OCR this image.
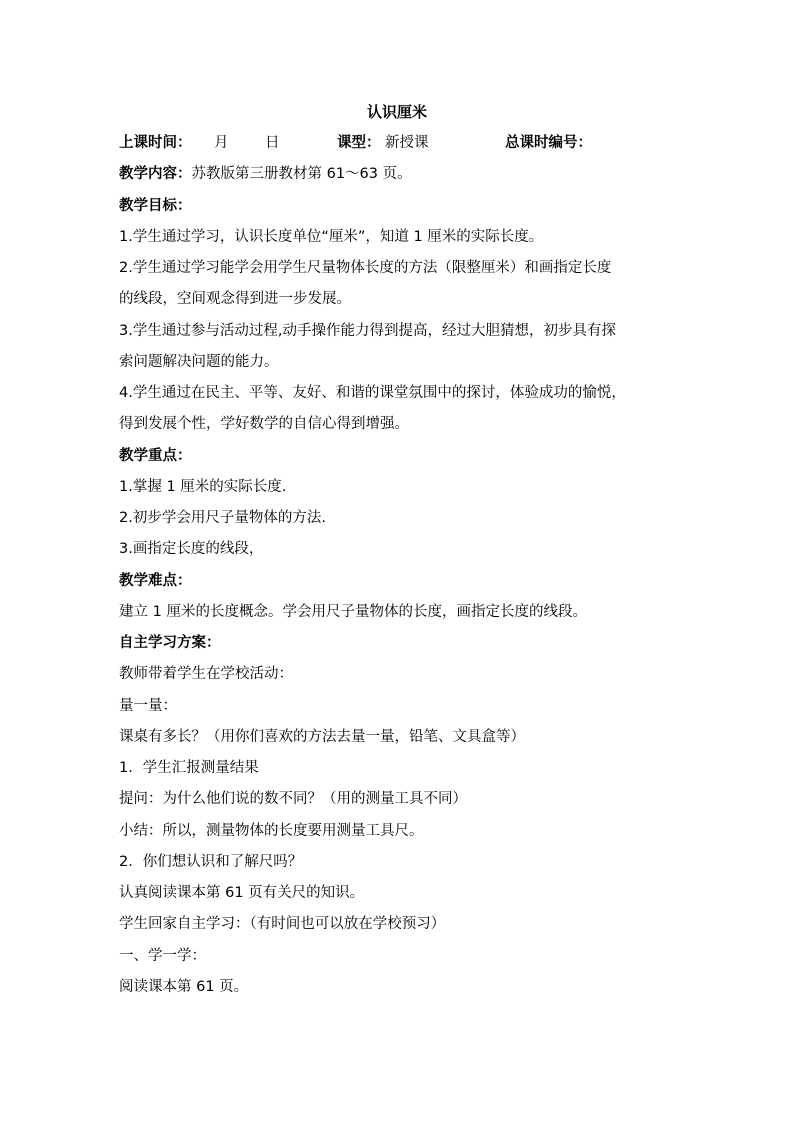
认识厘米
上课时间： 月	日	课型： 新授课	总课时编号：
教学内容：苏教版第三册教材第 61～63 页。
教学目标：
1.学生通过学习，认识长度单位“厘米”，知道 1 厘米的实际长度。
2.学生通过学习能学会用学生尺量物体长度的方法（限整厘米）和画指定长度
的线段，空间观念得到进一步发展。
3.学生通过参与活动过程,动手操作能力得到提高，经过大胆猜想，初步具有探
索问题解决问题的能力。
4.学生通过在民主、平等、友好、和谐的课堂氛围中的探讨，体验成功的愉悦，
得到发展个性，学好数学的自信心得到增强。
教学重点：
1.掌握 1 厘米的实际长度.
2.初步学会用尺子量物体的方法.
3.画指定长度的线段，
教学难点：
建立 1 厘米的长度概念。学会用尺子量物体的长度，画指定长度的线段。
自主学习方案：
教师带着学生在学校活动：
量一量：
课桌有多长？（用你们喜欢的方法去量一量，铅笔、文具盒等）
1．学生汇报测量结果
提问：为什么他们说的数不同？（用的测量工具不同）
小结：所以，测量物体的长度要用测量工具尺。
2．你们想认识和了解尺吗？
认真阅读课本第 61 页有关尺的知识。
学生回家自主学习：（有时间也可以放在学校预习）
一、学一学：
阅读课本第 61 页。
